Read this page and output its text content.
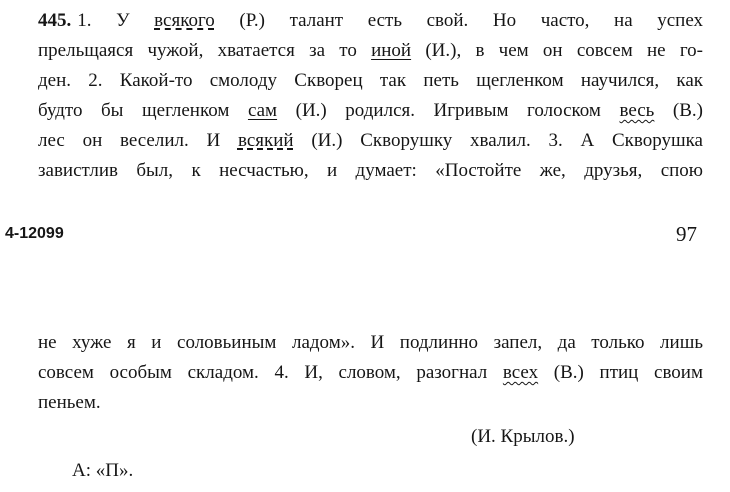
445. 1. У всякого (Р.) талант есть свой. Но часто, на успех
прельщаяся чужой, хватается за то иной (И.), в чем он совсем не го-
ден. 2. Какой-то смолоду Скворец так петь щегленком научился, как
будто бы щегленком сам (И.) родился. Игривым голоском весь (В.)
лес он веселил. И всякий (И.) Скворушку хвалил. 3. А Скворушка
завистлив был, к несчастью, и думает: «Постойте же, друзья, спою
не хуже я и соловьиным ладом». И подлинно запел, да только лишь
совсем особым складом. 4. И, словом, разогнал всех (В.) птиц своим
пеньем.
4-12099	97
(И. Крылов.)
А: «П».
